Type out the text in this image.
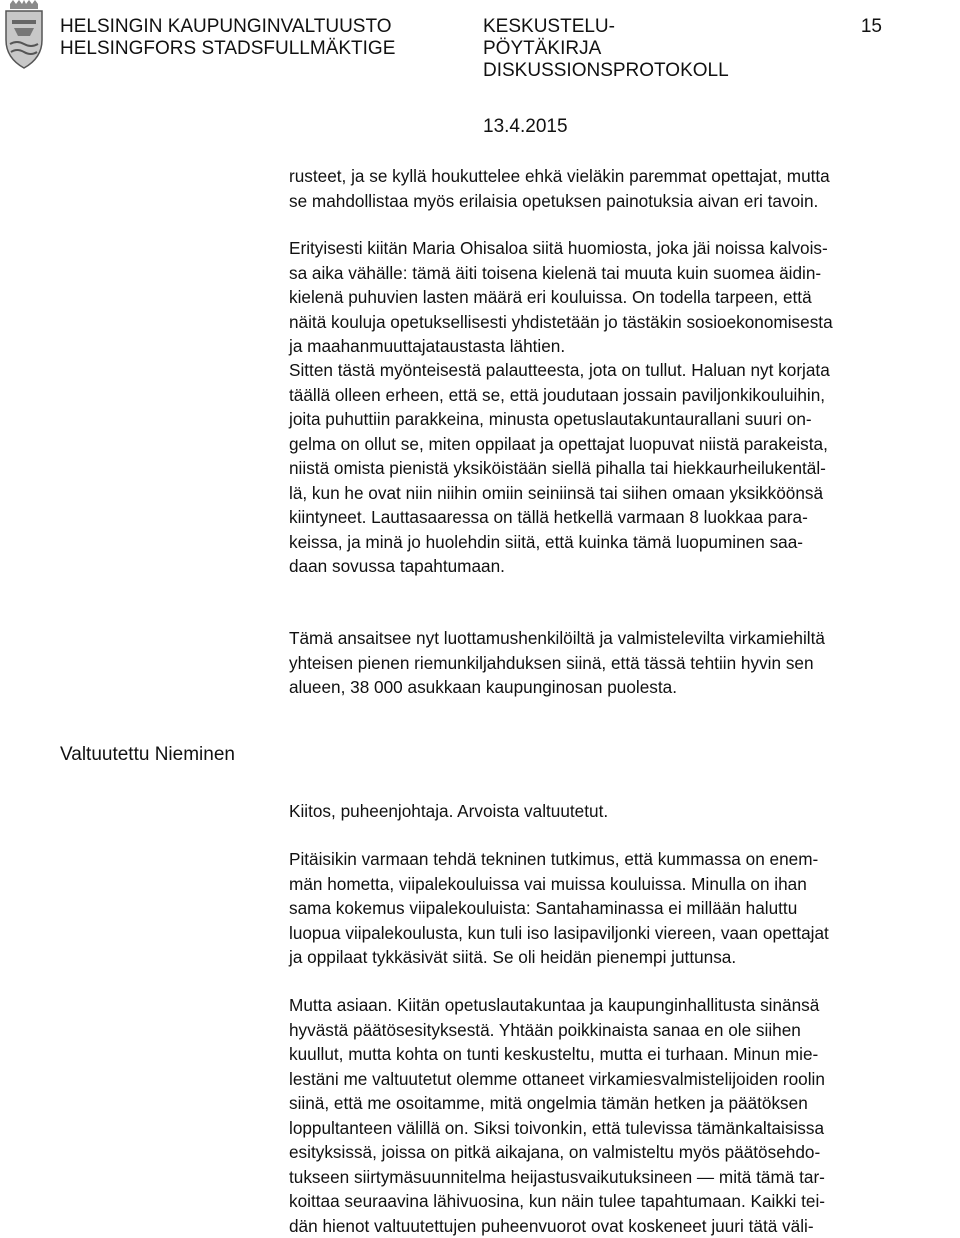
HELSINGIN KAUPUNGINVALTUUSTO
HELSINGFORS STADSFULLMÄKTIGE
KESKUSTELU-
PÖYTÄKIRJA
DISKUSSIONSPROTOKOLL
15
13.4.2015
rusteet, ja se kyllä houkuttelee ehkä vieläkin paremmat opettajat, mutta
se mahdollistaa myös erilaisia opetuksen painotuksia aivan eri tavoin.
Erityisesti kiitän Maria Ohisaloa siitä huomiosta, joka jäi noissa kalvois-
sa aika vähälle: tämä äiti toisena kielenä tai muuta kuin suomea äidin-
kielenä puhuvien lasten määrä eri kouluissa. On todella tarpeen, että
näitä kouluja opetuksellisesti yhdistetään jo tästäkin sosioekonomisesta
ja maahanmuuttajataustasta lähtien.
Sitten tästä myönteisestä palautteesta, jota on tullut. Haluan nyt korjata
täällä olleen erheen, että se, että joudutaan jossain paviljonkikouluihin,
joita puhuttiin parakkeina, minusta opetuslautakuntaurallani suuri on-
gelma on ollut se, miten oppilaat ja opettajat luopuvat niistä parakeista,
niistä omista pienistä yksiköistään siellä pihalla tai hiekkaurheilukentäl-
lä, kun he ovat niin niihin omiin seiniinsä tai siihen omaan yksikköönsä
kiintyneet. Lauttasaaressa on tällä hetkellä varmaan 8 luokkaa para-
keissa, ja minä jo huolehdin siitä, että kuinka tämä luopuminen saa-
daan sovussa tapahtumaan.
Tämä ansaitsee nyt luottamushenkilöiltä ja valmistelevilta virkamiehiltä
yhteisen pienen riemunkiljahduksen siinä, että tässä tehtiin hyvin sen
alueen, 38 000 asukkaan kaupunginosan puolesta.
Valtuutettu Nieminen
Kiitos, puheenjohtaja. Arvoista valtuutetut.
Pitäisikin varmaan tehdä tekninen tutkimus, että kummassa on enem-
män hometta, viipalekouluissa vai muissa kouluissa. Minulla on ihan
sama kokemus viipalekouluista: Santahaminassa ei millään haluttu
luopua viipalekoulusta, kun tuli iso lasipaviljonki viereen, vaan opettajat
ja oppilaat tykkäsivät siitä. Se oli heidän pienempi juttunsa.
Mutta asiaan. Kiitän opetuslautakuntaa ja kaupunginhallitusta sinänsä
hyvästä päätösesityksestä. Yhtään poikkinaista sanaa en ole siihen
kuullut, mutta kohta on tunti keskusteltu, mutta ei turhaan. Minun mie-
lestäni me valtuutetut olemme ottaneet virkamiesvalmistelijoiden roolin
siinä, että me osoitamme, mitä ongelmia tämän hetken ja päätöksen
loppultanteen välillä on. Siksi toivonkin, että tulevissa tämänkaltaisissa
esityksissä, joissa on pitkä aikajana, on valmisteltu myös päätösehdo-
tukseen siirtymäsuunnitelma heijastusvaikutuksineen — mitä tämä tar-
koittaa seuraavina lähivuosina, kun näin tulee tapahtumaan. Kaikki tei-
dän hienot valtuutettujen puheenvuorot ovat koskeneet juuri tätä väli-
